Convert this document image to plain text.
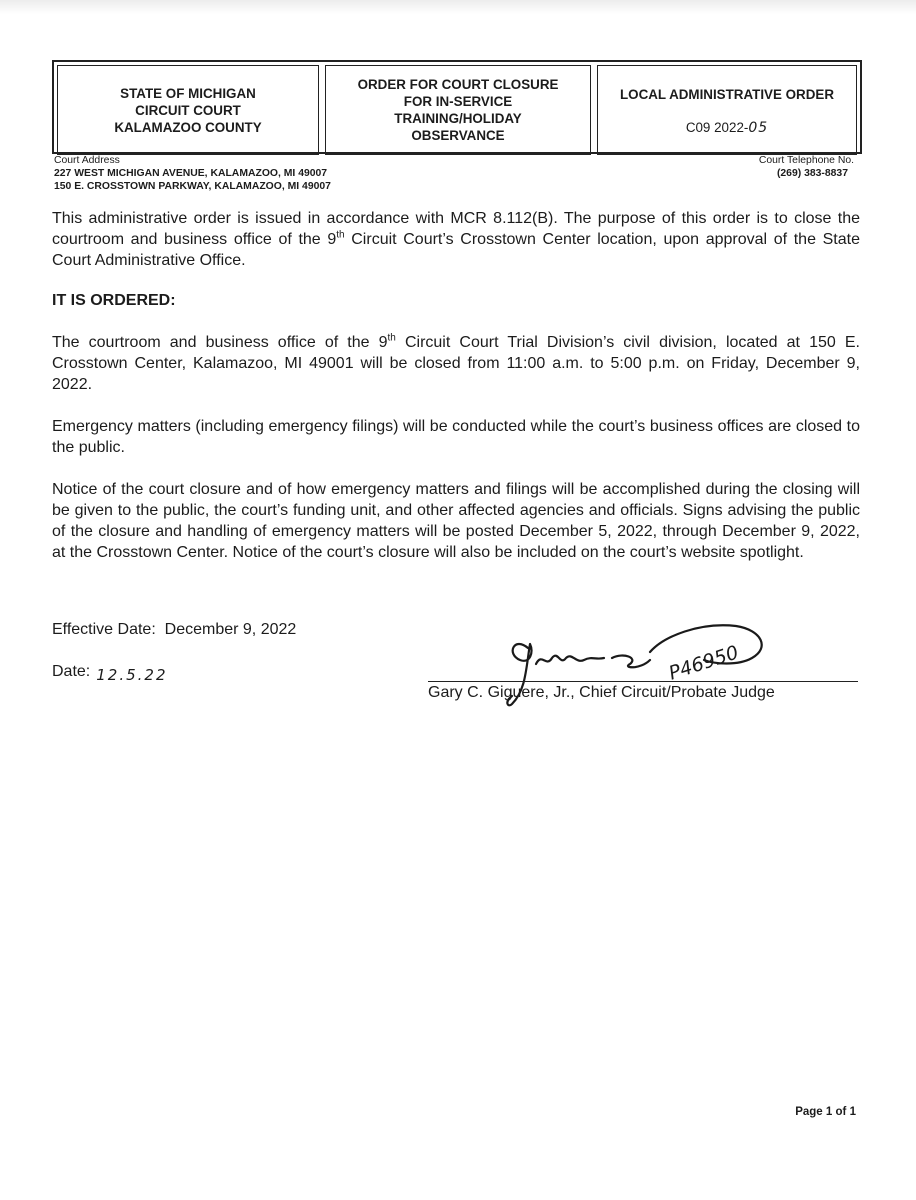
STATE OF MICHIGAN
CIRCUIT COURT
KALAMAZOO COUNTY
ORDER FOR COURT CLOSURE
FOR IN-SERVICE
TRAINING/HOLIDAY
OBSERVANCE
LOCAL ADMINISTRATIVE ORDER
C09 2022-05
Court Address
227 WEST MICHIGAN AVENUE, KALAMAZOO, MI 49007
150 E. CROSSTOWN PARKWAY, KALAMAZOO, MI 49007
Court Telephone No.
(269) 383-8837

This administrative order is issued in accordance with MCR 8.112(B). The purpose of this order is to close the courtroom and business office of the 9th Circuit Court’s Crosstown Center location, upon approval of the State Court Administrative Office.

IT IS ORDERED:

The courtroom and business office of the 9th Circuit Court Trial Division’s civil division, located at 150 E. Crosstown Center, Kalamazoo, MI 49001 will be closed from 11:00 a.m. to 5:00 p.m. on Friday, December 9, 2022.

Emergency matters (including emergency filings) will be conducted while the court’s business offices are closed to the public.

Notice of the court closure and of how emergency matters and filings will be accomplished during the closing will be given to the public, the court’s funding unit, and other affected agencies and officials. Signs advising the public of the closure and handling of emergency matters will be posted December 5, 2022, through December 9, 2022, at the Crosstown Center. Notice of the court’s closure will also be included on the court’s website spotlight.

Effective Date: December 9, 2022
Date: 12.5.22	P46950
Gary C. Giguere, Jr., Chief Circuit/Probate Judge
Page 1 of 1
